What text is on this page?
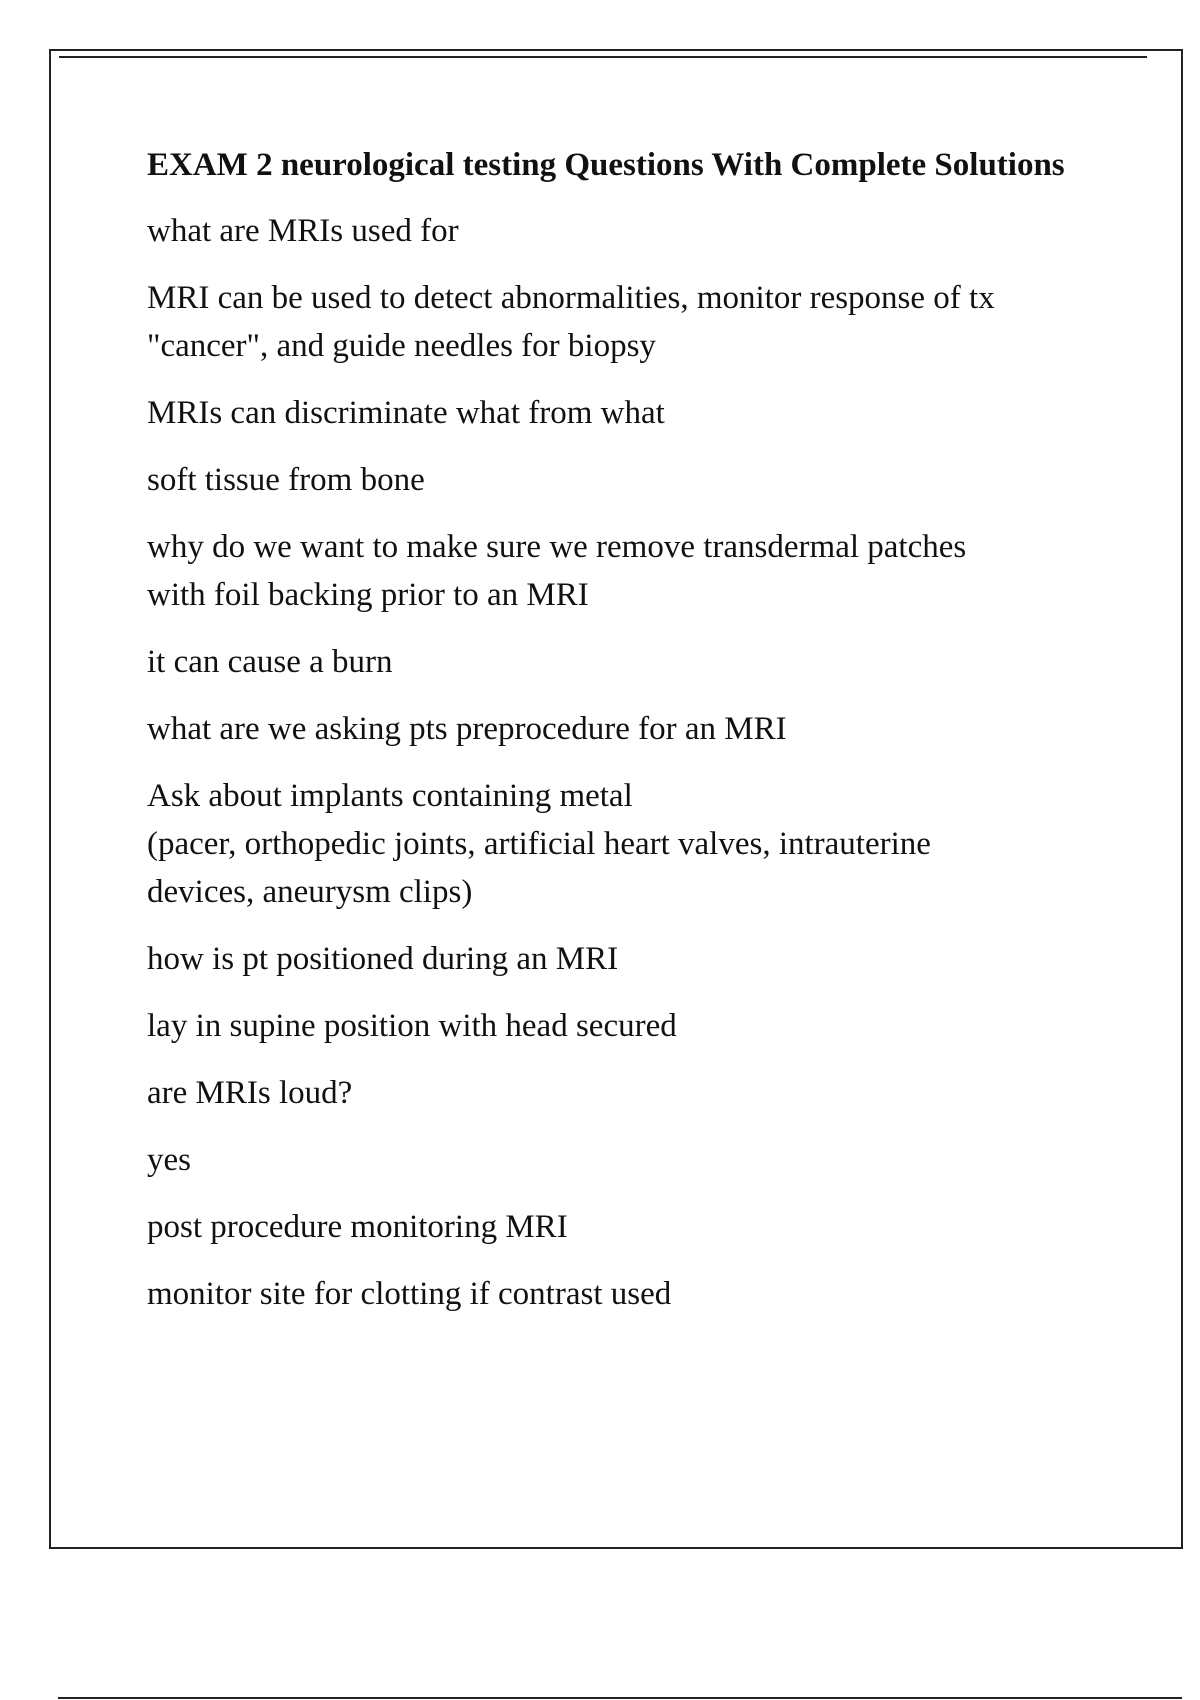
EXAM 2 neurological testing Questions With Complete Solutions
what are MRIs used for
MRI can be used to detect abnormalities, monitor response of tx
"cancer", and guide needles for biopsy
MRIs can discriminate what from what
soft tissue from bone
why do we want to make sure we remove transdermal patches
with foil backing prior to an MRI
it can cause a burn
what are we asking pts preprocedure for an MRI
Ask about implants containing metal
(pacer, orthopedic joints, artificial heart valves, intrauterine
devices, aneurysm clips)
how is pt positioned during an MRI
lay in supine position with head secured
are MRIs loud?
yes
post procedure monitoring MRI
monitor site for clotting if contrast used
